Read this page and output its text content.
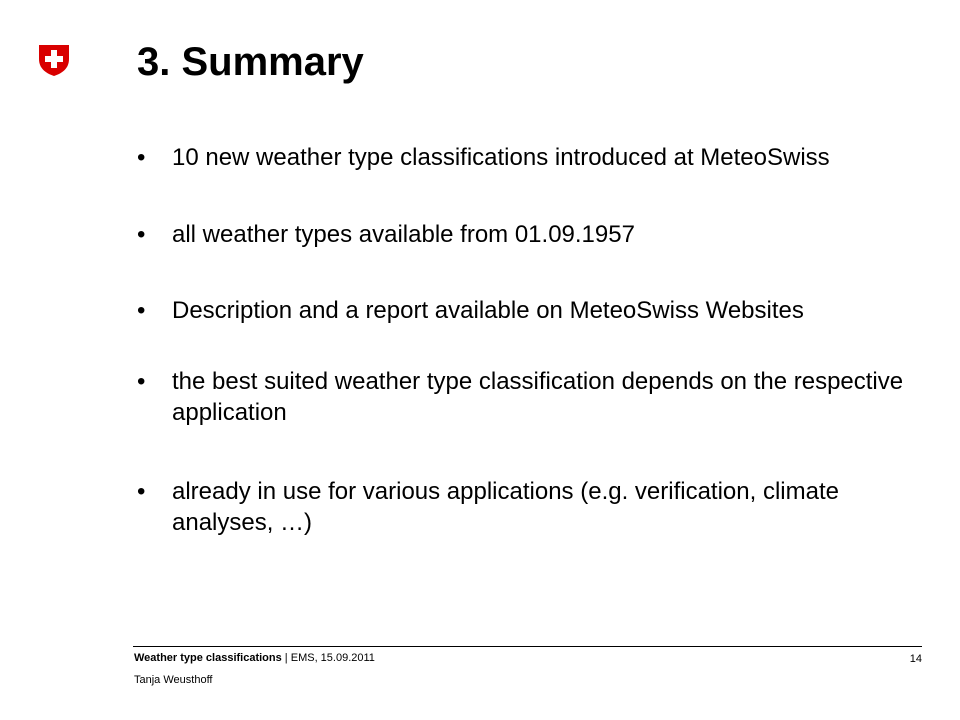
3. Summary
•	10 new weather type classifications introduced at MeteoSwiss
•	all weather types available from 01.09.1957
•	Description and a report available on MeteoSwiss Websites
•	the best suited weather type classification depends on the respective application
•	already in use for various applications (e.g. verification, climate analyses, …)
Weather type classifications | EMS, 15.09.2011	14
Tanja Weusthoff
